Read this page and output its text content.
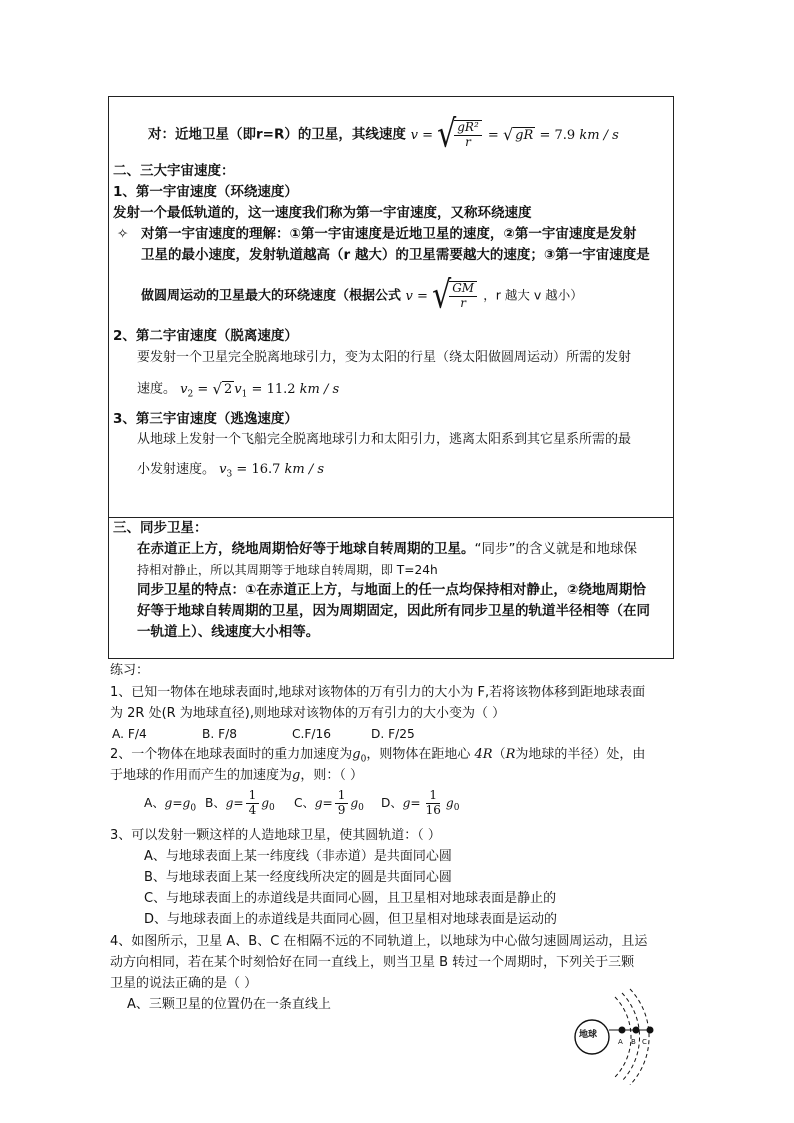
对：近地卫星（即r=R）的卫星，其线速度 v = √
$\frac{\text{gR²}}{r}$ = √ gR = 7.9 km / s
二、三大宇宙速度：
1、第一宇宙速度（环绕速度）
发射一个最低轨道的，这一速度我们称为第一宇宙速度，又称环绕速度
✧ 对第一宇宙速度的理解：①第一宇宙速度是近地卫星的速度，②第一宇宙速度是发射
卫星的最小速度，发射轨道越高（r 越大）的卫星需要越大的速度；③第一宇宙速度是
做圆周运动的卫星最大的环绕速度（根据公式 v = √
$\frac{GM}{r}$ ，r 越大 v 越小）
2、第二宇宙速度（脱离速度）
要发射一个卫星完全脱离地球引力，变为太阳的行星（绕太阳做圆周运动）所需的发射
速度。 $v_2$ = √ 2 $v_1 = 11.2$ km / s
3、第三宇宙速度（逃逸速度）
从地球上发射一个飞船完全脱离地球引力和太阳引力，逃离太阳系到其它星系所需的最
小发射速度。 $v_3 = 16.7$ km / s
三、同步卫星：
在赤道正上方，绕地周期恰好等于地球自转周期的卫星。“同步”的含义就是和地球保
持相对静止，所以其周期等于地球自转周期，即 T=24h
同步卫星的特点：①在赤道正上方，与地面上的任一点均保持相对静止，②绕地周期恰
好等于地球自转周期的卫星，因为周期固定，因此所有同步卫星的轨道半径相等（在同
一轨道上）、线速度大小相等。
练习：
1、已知一物体在地球表面时,地球对该物体的万有引力的大小为 F,若将该物体移到距地球表面
为 2R 处(R 为地球直径),则地球对该物体的万有引力的大小变为（ ）
A. F/4	B. F/8	C.F/16	D. F/25
2、一个物体在地球表面时的重力加速度为$g_0$，则物体在距地心 4R（R为地球的半径）处，由
于地球的作用而产生的加速度为g，则：（ ）
A、$g=g_0$ B、$g= \frac{1}{4} g_0$ C、$g= \frac{1}{9} g_0$ D、$g= \frac{1}{16} g_0$
3、可以发射一颗这样的人造地球卫星，使其圆轨道：（ ）
A、与地球表面上某一纬度线（非赤道）是共面同心圆
B、与地球表面上某一经度线所决定的圆是共面同心圆
C、与地球表面上的赤道线是共面同心圆，且卫星相对地球表面是静止的
D、与地球表面上的赤道线是共面同心圆，但卫星相对地球表面是运动的
4、如图所示，卫星 A、B、C 在相隔不远的不同轨道上，以地球为中心做匀速圆周运动，且运
动方向相同，若在某个时刻恰好在同一直线上，则当卫星 B 转过一个周期时，下列关于三颗
卫星的说法正确的是（ ）
A、三颗卫星的位置仍在一条直线上
地球
A B C
